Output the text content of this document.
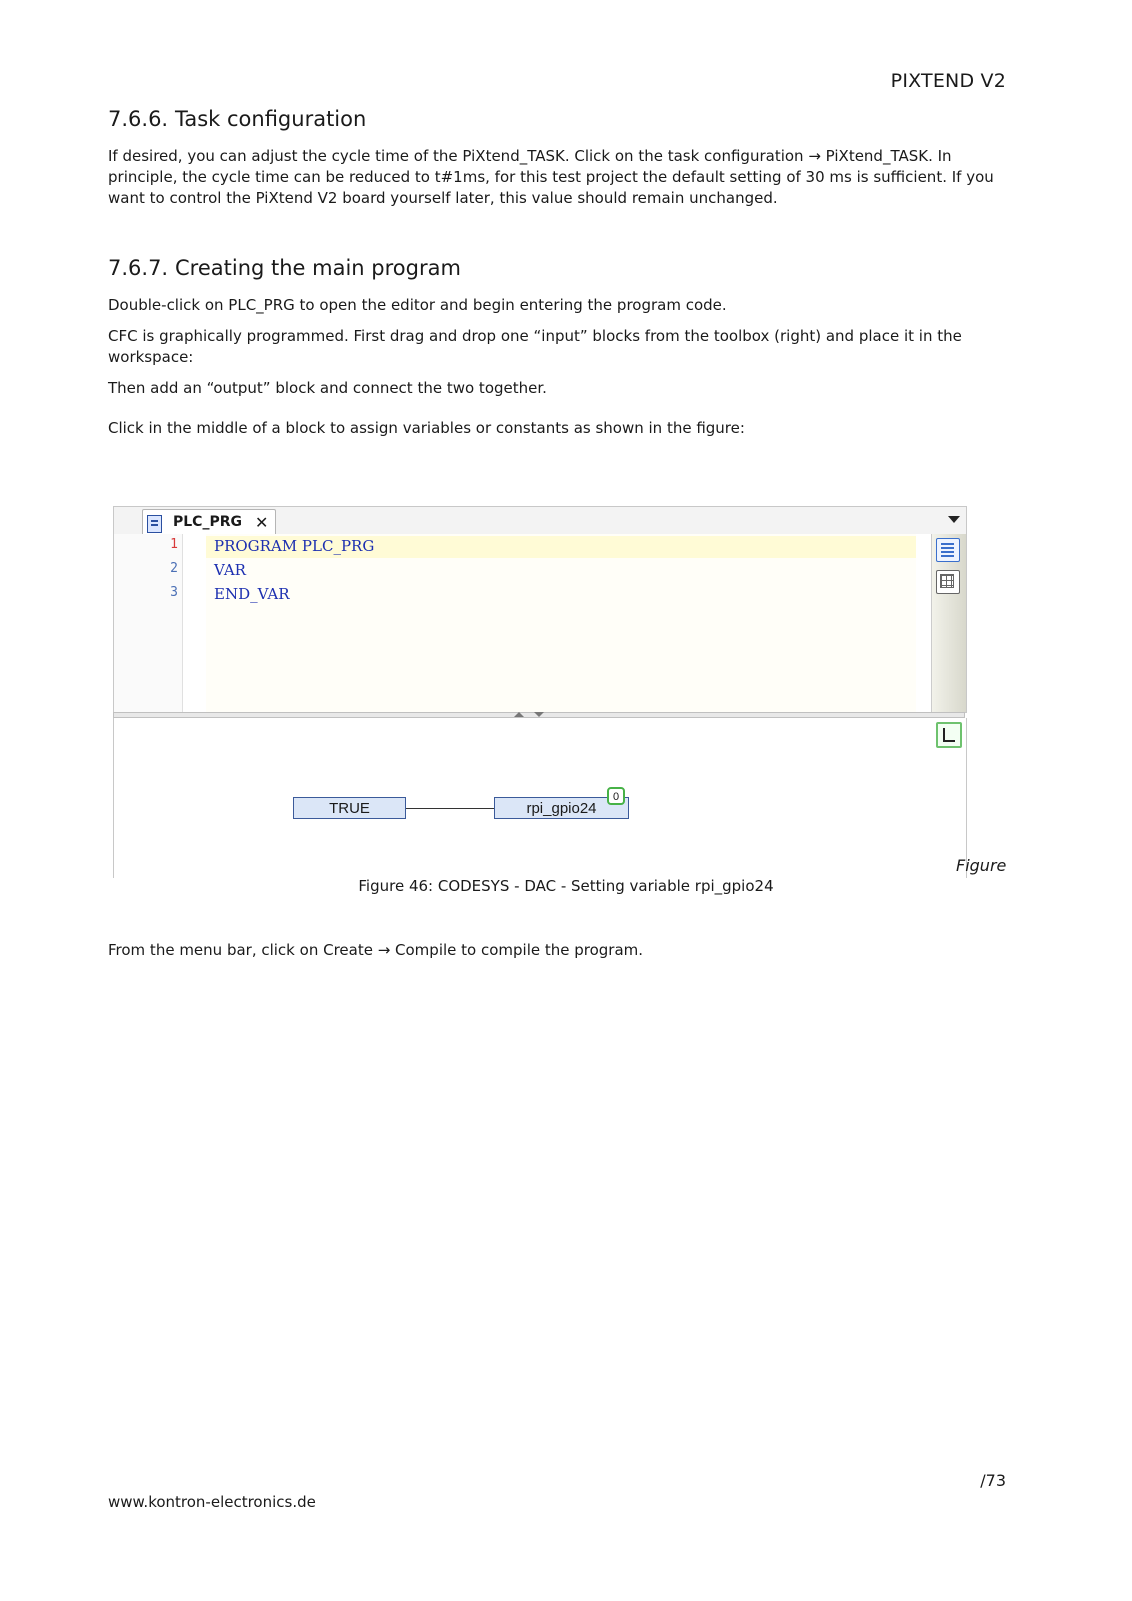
PIXTEND V2
7.6.6. Task configuration

If desired, you can adjust the cycle time of the PiXtend_TASK. Click on the task configuration → PiXtend_TASK. In principle, the cycle time can be reduced to t#1ms, for this test project the default setting of 30 ms is sufficient. If you want to control the PiXtend V2 board yourself later, this value should remain unchanged.

7.6.7. Creating the main program

Double-click on PLC_PRG to open the editor and begin entering the program code.

CFC is graphically programmed. First drag and drop one “input” blocks from the toolbox (right) and place it in the workspace:

Then add an “output” block and connect the two together.

Click in the middle of a block to assign variables or constants as shown in the figure:

PLC_PRG ✕
1
2
3
PROGRAM PLC_PRG
VAR
END_VAR
TRUE	rpi_gpio24
0
Figure
Figure 46: CODESYS - DAC - Setting variable rpi_gpio24

From the menu bar, click on Create → Compile to compile the program.

/73
www.kontron-electronics.de
